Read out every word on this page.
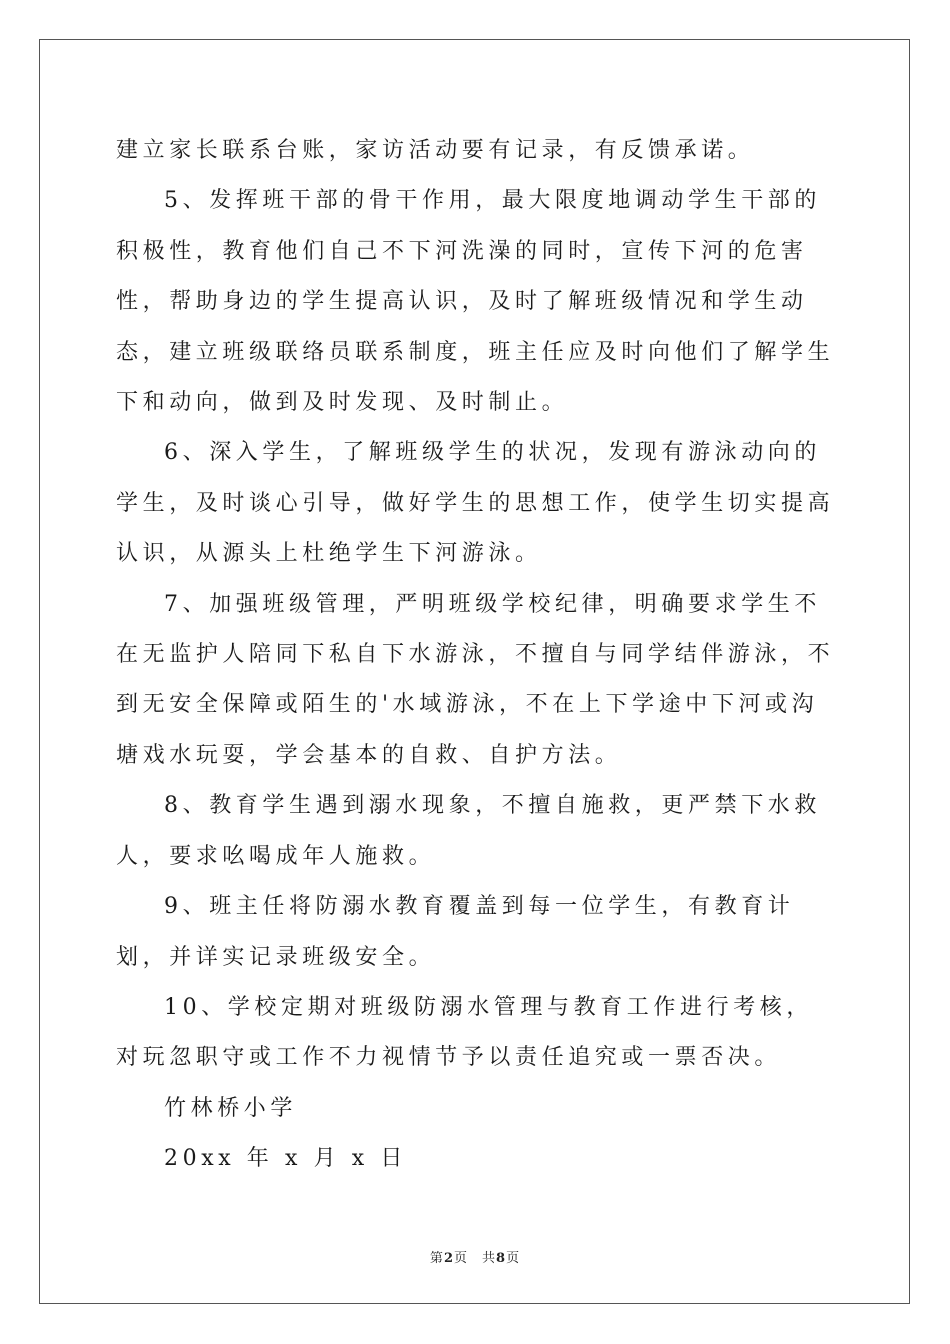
建立家长联系台账，家访活动要有记录，有反馈承诺。

5、发挥班干部的骨干作用，最大限度地调动学生干部的积极性，教育他们自己不下河洗澡的同时，宣传下河的危害性，帮助身边的学生提高认识，及时了解班级情况和学生动态，建立班级联络员联系制度，班主任应及时向他们了解学生下和动向，做到及时发现、及时制止。

6、深入学生，了解班级学生的状况，发现有游泳动向的学生，及时谈心引导，做好学生的思想工作，使学生切实提高认识，从源头上杜绝学生下河游泳。

7、加强班级管理，严明班级学校纪律，明确要求学生不在无监护人陪同下私自下水游泳，不擅自与同学结伴游泳，不到无安全保障或陌生的'水域游泳，不在上下学途中下河或沟塘戏水玩耍，学会基本的自救、自护方法。

8、教育学生遇到溺水现象，不擅自施救，更严禁下水救人，要求吆喝成年人施救。

9、班主任将防溺水教育覆盖到每一位学生，有教育计划，并详实记录班级安全。

10、学校定期对班级防溺水管理与教育工作进行考核，对玩忽职守或工作不力视情节予以责任追究或一票否决。

竹林桥小学

20xx 年 x 月 x 日

第2页 共8页
